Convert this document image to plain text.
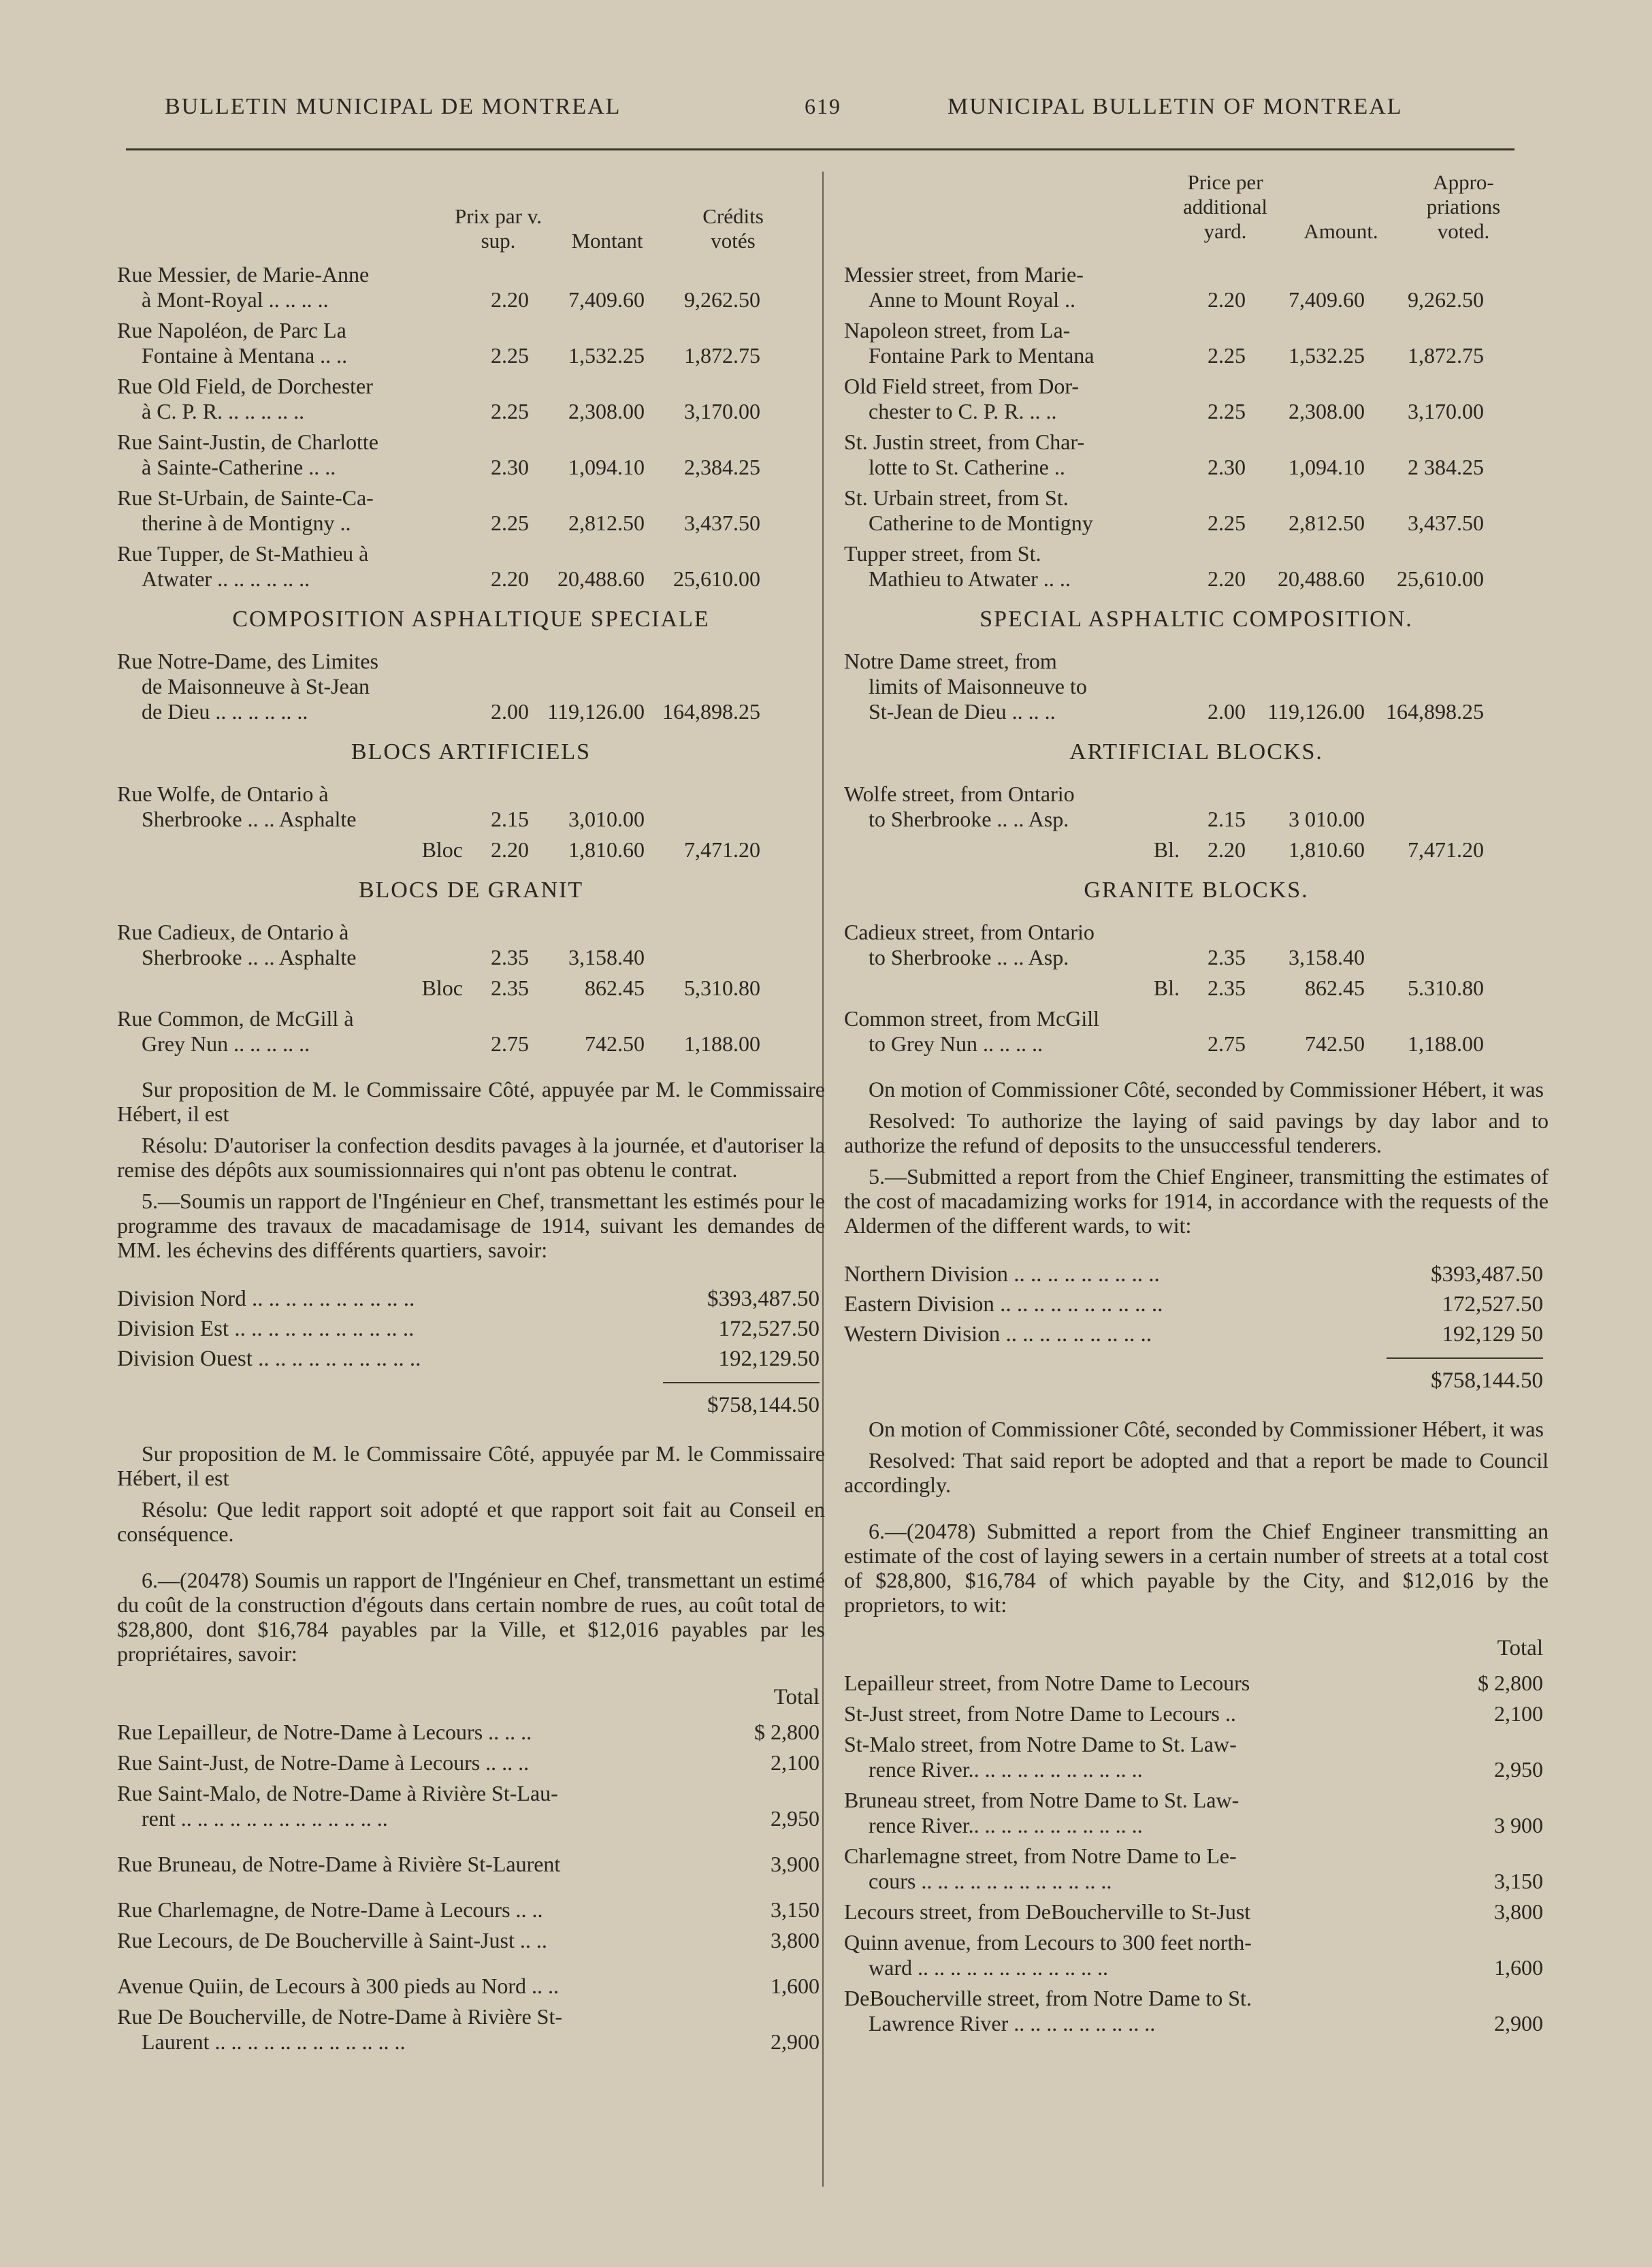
BULLETIN MUNICIPAL DE MONTREAL	619	MUNICIPAL BULLETIN OF MONTREAL
Prix par v. sup.	Montant
Crédits votés
Rue Messier, de Marie-Anne
à Mont-Royal .. .. .. ..	2.20	7,409.60	9,262.50
Rue Napoléon, de Parc La
Fontaine à Mentana .. ..	2.25	1,532.25	1,872.75
Rue Old Field, de Dorchester
à C. P. R. .. .. .. .. ..	2.25	2,308.00	3,170.00
Rue Saint-Justin, de Charlotte
à Sainte-Catherine .. ..	2.30	1,094.10	2,384.25
Rue St-Urbain, de Sainte-Ca-
therine à de Montigny ..	2.25	2,812.50	3,437.50
Rue Tupper, de St-Mathieu à
Atwater .. .. .. .. .. ..	2.20	20,488.60	25,610.00
COMPOSITION ASPHALTIQUE SPECIALE
Rue Notre-Dame, des Limites
de Maisonneuve à St-Jean
de Dieu .. .. .. .. .. ..	2.00 119,126.00 164,898.25
BLOCS ARTIFICIELS
Rue Wolfe, de Ontario à
Sherbrooke .. .. Asphalte	2.15	3,010.00
Bloc	2.20	1,810.60	7,471.20
BLOCS DE GRANIT
Rue Cadieux, de Ontario à
Sherbrooke .. .. Asphalte	2.35	3,158.40
Bloc	2.35	862.45	5,310.80
Rue Common, de McGill à
Grey Nun .. .. .. .. ..	2.75	742.50	1,188.00

Sur proposition de M. le Commissaire Côté, appuyée par M. le Commissaire Hébert, il est

Résolu: D'autoriser la confection desdits pavages à la journée, et d'autoriser la remise des dépôts aux soumissionnaires qui n'ont pas obtenu le contrat.

5.—Soumis un rapport de l'Ingénieur en Chef, transmettant les estimés pour le programme des travaux de macadamisage de 1914, suivant les demandes de MM. les échevins des différents quartiers, savoir:

Division Nord .. .. .. .. .. .. .. .. .. ..	$393,487.50
Division Est .. .. .. .. .. .. .. .. .. .. ..	172,527.50
Division Ouest .. .. .. .. .. .. .. .. .. ..	192,129.50
$758,144.50

Sur proposition de M. le Commissaire Côté, appuyée par M. le Commissaire Hébert, il est

Résolu: Que ledit rapport soit adopté et que rapport soit fait au Conseil en conséquence.

6.—(20478) Soumis un rapport de l'Ingénieur en Chef, transmettant un estimé du coût de la construction d'égouts dans certain nombre de rues, au coût total de $28,800, dont $16,784 payables par la Ville, et $12,016 payables par les propriétaires, savoir:

Total
Rue Lepailleur, de Notre-Dame à Lecours .. .. ..	$ 2,800
Rue Saint-Just, de Notre-Dame à Lecours .. .. ..	2,100
Rue Saint-Malo, de Notre-Dame à Rivière St-Lau-
rent .. .. .. .. .. .. .. .. .. .. .. .. ..	2,950
Rue Bruneau, de Notre-Dame à Rivière St-Laurent	3,900
Rue Charlemagne, de Notre-Dame à Lecours .. ..	3,150
Rue Lecours, de De Boucherville à Saint-Just .. ..	3,800
Avenue Quiin, de Lecours à 300 pieds au Nord .. ..	1,600
Rue De Boucherville, de Notre-Dame à Rivière St-
Laurent .. .. .. .. .. .. .. .. .. .. .. ..	2,900
Price per additional yard.	Amount.
Appro- priations voted.
Messier street, from Marie-
Anne to Mount Royal ..	2.20	7,409.60	9,262.50
Napoleon street, from La-
Fontaine Park to Mentana	2.25	1,532.25	1,872.75
Old Field street, from Dor-
chester to C. P. R. .. ..	2.25	2,308.00	3,170.00
St. Justin street, from Char-
lotte to St. Catherine ..	2.30	1,094.10	2 384.25
St. Urbain street, from St.
Catherine to de Montigny	2.25	2,812.50	3,437.50
Tupper street, from St.
Mathieu to Atwater .. ..	2.20	20,488.60	25,610.00
SPECIAL ASPHALTIC COMPOSITION.
Notre Dame street, from
limits of Maisonneuve to
St-Jean de Dieu .. .. ..	2.00	119,126.00 164,898.25
ARTIFICIAL BLOCKS.
Wolfe street, from Ontario
to Sherbrooke .. .. Asp.	2.15	3 010.00
Bl.	2.20	1,810.60	7,471.20
GRANITE BLOCKS.
Cadieux street, from Ontario
to Sherbrooke .. .. Asp.	2.35	3,158.40
Bl.	2.35	862.45	5.310.80
Common street, from McGill
to Grey Nun .. .. .. ..	2.75	742.50	1,188.00

On motion of Commissioner Côté, seconded by Commissioner Hébert, it was

Resolved: To authorize the laying of said pavings by day labor and to authorize the refund of deposits to the unsuccessful tenderers.

5.—Submitted a report from the Chief Engineer, transmitting the estimates of the cost of macadamizing works for 1914, in accordance with the requests of the Aldermen of the different wards, to wit:

Northern Division .. .. .. .. .. .. .. .. ..	$393,487.50
Eastern Division .. .. .. .. .. .. .. .. .. ..	172,527.50
Western Division .. .. .. .. .. .. .. .. ..	192,129 50
$758,144.50

On motion of Commissioner Côté, seconded by Commissioner Hébert, it was

Resolved: That said report be adopted and that a report be made to Council accordingly.

6.—(20478) Submitted a report from the Chief Engineer transmitting an estimate of the cost of laying sewers in a certain number of streets at a total cost of $28,800, $16,784 of which payable by the City, and $12,016 by the proprietors, to wit:

Total
Lepailleur street, from Notre Dame to Lecours	$ 2,800
St-Just street, from Notre Dame to Lecours ..	2,100
St-Malo street, from Notre Dame to St. Law-
rence River.. .. .. .. .. .. .. .. .. .. ..	2,950
Bruneau street, from Notre Dame to St. Law-
rence River.. .. .. .. .. .. .. .. .. .. ..	3 900
Charlemagne street, from Notre Dame to Le-
cours .. .. .. .. .. .. .. .. .. .. .. ..	3,150
Lecours street, from DeBoucherville to St-Just	3,800
Quinn avenue, from Lecours to 300 feet north-
ward .. .. .. .. .. .. .. .. .. .. .. ..	1,600
DeBoucherville street, from Notre Dame to St.
Lawrence River .. .. .. .. .. .. .. .. ..	2,900
